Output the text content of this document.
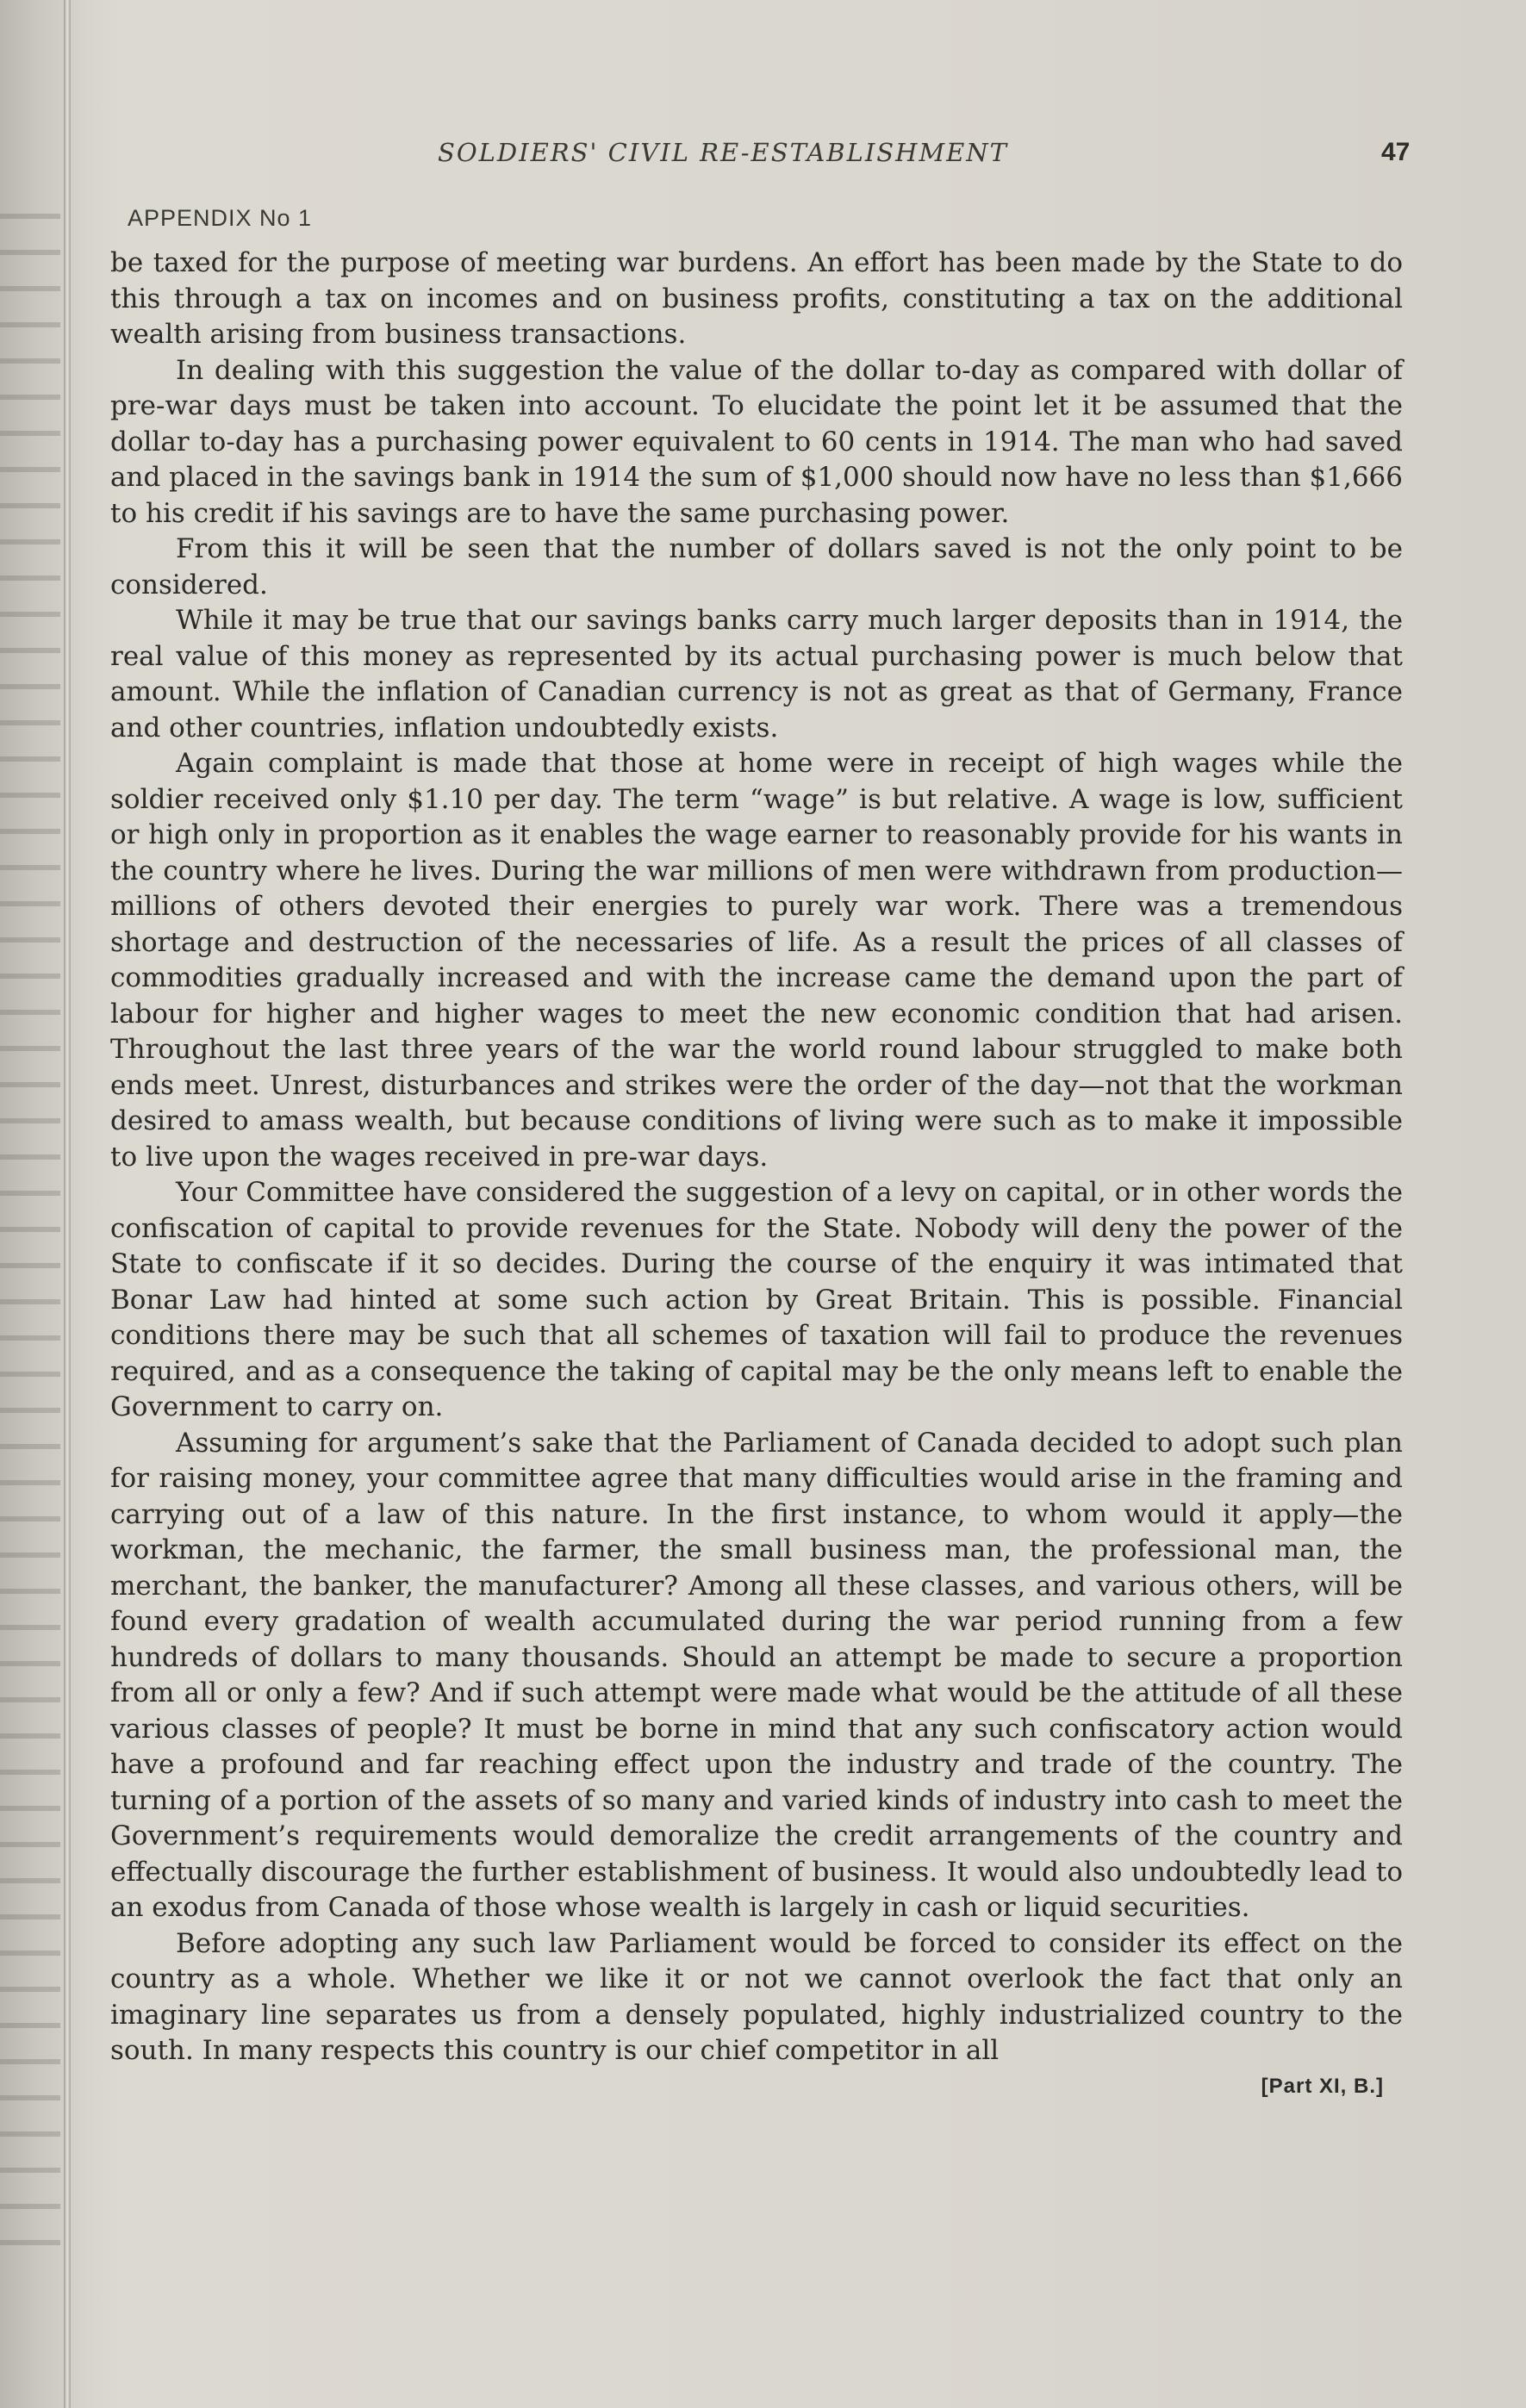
SOLDIERS' CIVIL RE-ESTABLISHMENT	47
APPENDIX No 1

be taxed for the purpose of meeting war burdens. An effort has been made by the State to do this through a tax on incomes and on business profits, constituting a tax on the additional wealth arising from business transactions.

In dealing with this suggestion the value of the dollar to-day as compared with dollar of pre-war days must be taken into account. To elucidate the point let it be assumed that the dollar to-day has a purchasing power equivalent to 60 cents in 1914. The man who had saved and placed in the savings bank in 1914 the sum of $1,000 should now have no less than $1,666 to his credit if his savings are to have the same purchasing power.

From this it will be seen that the number of dollars saved is not the only point to be considered.

While it may be true that our savings banks carry much larger deposits than in 1914, the real value of this money as represented by its actual purchasing power is much below that amount. While the inflation of Canadian currency is not as great as that of Germany, France and other countries, inflation undoubtedly exists.

Again complaint is made that those at home were in receipt of high wages while the soldier received only $1.10 per day. The term “wage” is but relative. A wage is low, sufficient or high only in proportion as it enables the wage earner to reasonably provide for his wants in the country where he lives. During the war millions of men were withdrawn from production—millions of others devoted their energies to purely war work. There was a tremendous shortage and destruction of the necessaries of life. As a result the prices of all classes of commodities gradually increased and with the increase came the demand upon the part of labour for higher and higher wages to meet the new economic condition that had arisen. Throughout the last three years of the war the world round labour struggled to make both ends meet. Unrest, disturbances and strikes were the order of the day—not that the workman desired to amass wealth, but because conditions of living were such as to make it impossible to live upon the wages received in pre-war days.

Your Committee have considered the suggestion of a levy on capital, or in other words the confiscation of capital to provide revenues for the State. Nobody will deny the power of the State to confiscate if it so decides. During the course of the enquiry it was intimated that Bonar Law had hinted at some such action by Great Britain. This is possible. Financial conditions there may be such that all schemes of taxation will fail to produce the revenues required, and as a consequence the taking of capital may be the only means left to enable the Government to carry on.

Assuming for argument’s sake that the Parliament of Canada decided to adopt such plan for raising money, your committee agree that many difficulties would arise in the framing and carrying out of a law of this nature. In the first instance, to whom would it apply—the workman, the mechanic, the farmer, the small business man, the professional man, the merchant, the banker, the manufacturer? Among all these classes, and various others, will be found every gradation of wealth accumulated during the war period running from a few hundreds of dollars to many thousands. Should an attempt be made to secure a proportion from all or only a few? And if such attempt were made what would be the attitude of all these various classes of people? It must be borne in mind that any such confiscatory action would have a profound and far reaching effect upon the industry and trade of the country. The turning of a portion of the assets of so many and varied kinds of industry into cash to meet the Government’s requirements would demoralize the credit arrangements of the country and effectually discourage the further establishment of business. It would also undoubtedly lead to an exodus from Canada of those whose wealth is largely in cash or liquid securities.

Before adopting any such law Parliament would be forced to consider its effect on the country as a whole. Whether we like it or not we cannot overlook the fact that only an imaginary line separates us from a densely populated, highly industrialized country to the south. In many respects this country is our chief competitor in all

[Part XI, B.]
